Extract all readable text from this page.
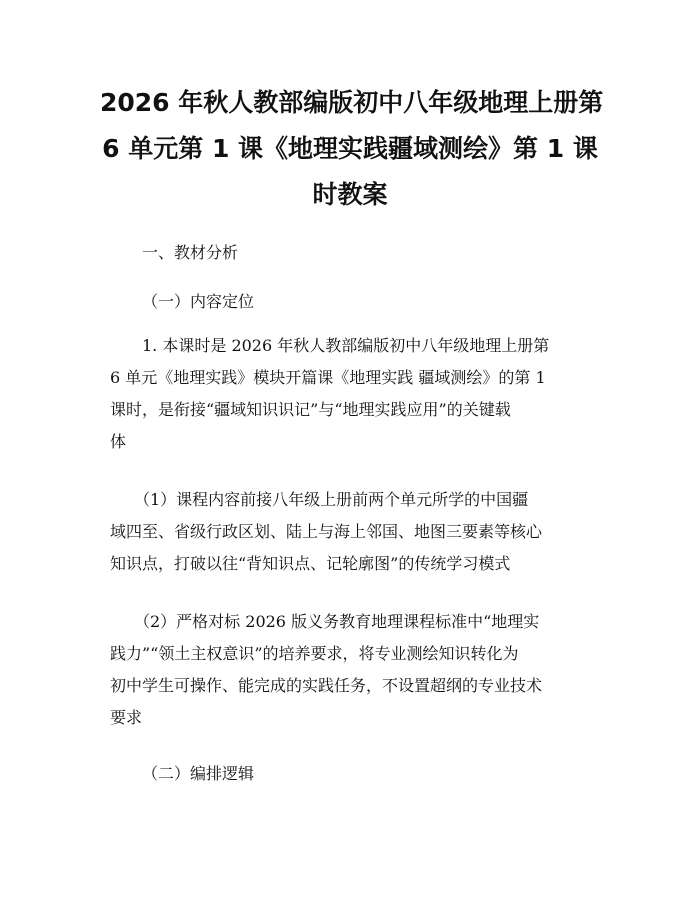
2026 年秋人教部编版初中八年级地理上册第
6 单元第 1 课《地理实践疆域测绘》第 1 课
时教案

一、教材分析

（一）内容定位

　　1. 本课时是 2026 年秋人教部编版初中八年级地理上册第
6 单元《地理实践》模块开篇课《地理实践 疆域测绘》的第 1
课时，是衔接“疆域知识识记”与“地理实践应用”的关键载
体
　　（1）课程内容前接八年级上册前两个单元所学的中国疆
域四至、省级行政区划、陆上与海上邻国、地图三要素等核心
知识点，打破以往“背知识点、记轮廓图”的传统学习模式
　　（2）严格对标 2026 版义务教育地理课程标准中“地理实
践力”“领土主权意识”的培养要求，将专业测绘知识转化为
初中学生可操作、能完成的实践任务，不设置超纲的专业技术
要求

（二）编排逻辑
